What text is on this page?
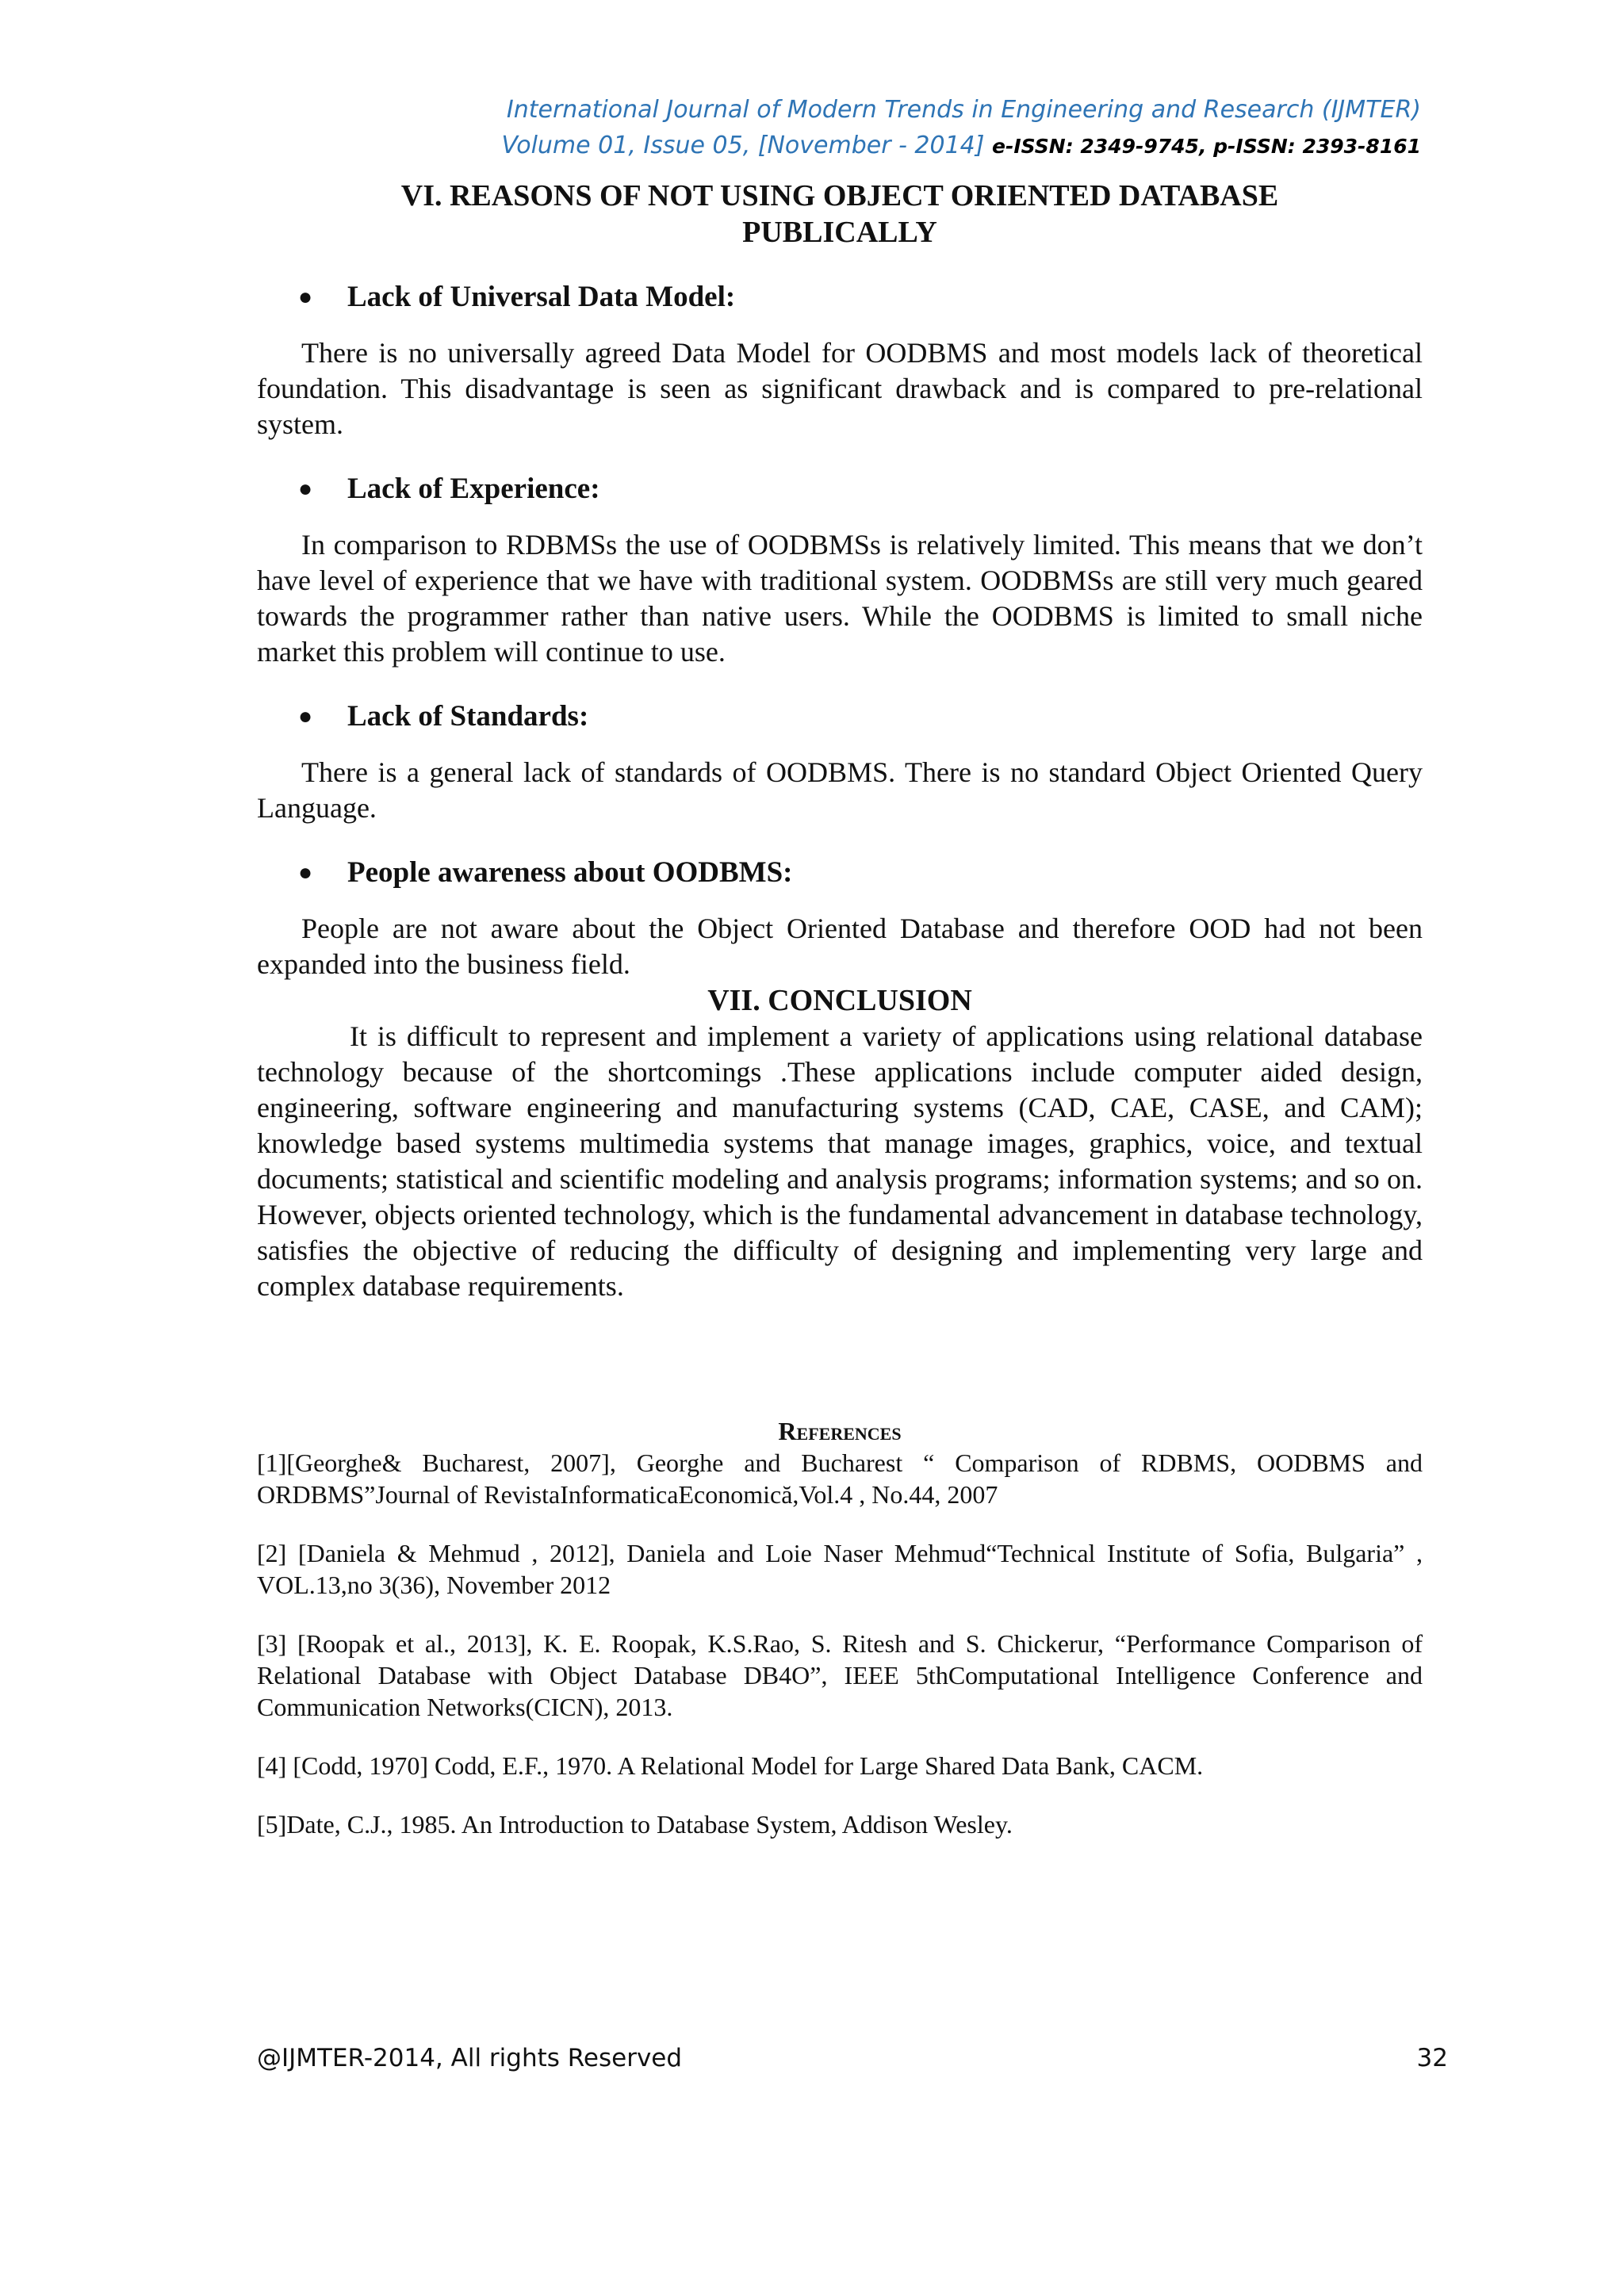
International Journal of Modern Trends in Engineering and Research (IJMTER)
Volume 01, Issue 05, [November - 2014] e-ISSN: 2349-9745, p-ISSN: 2393-8161
VI. REASONS OF NOT USING OBJECT ORIENTED DATABASE
PUBLICALLY
●	Lack of Universal Data Model:

There is no universally agreed Data Model for OODBMS and most models lack of theoretical foundation. This disadvantage is seen as significant drawback and is compared to pre-relational system.

●	Lack of Experience:

In comparison to RDBMSs the use of OODBMSs is relatively limited. This means that we don’t have level of experience that we have with traditional system. OODBMSs are still very much geared towards the programmer rather than native users. While the OODBMS is limited to small niche market this problem will continue to use.

●	Lack of Standards:

There is a general lack of standards of OODBMS. There is no standard Object Oriented Query Language.

●	People awareness about OODBMS:

People are not aware about the Object Oriented Database and therefore OOD had not been expanded into the business field.

VII. CONCLUSION

It is difficult to represent and implement a variety of applications using relational database technology because of the shortcomings .These applications include computer aided design, engineering, software engineering and manufacturing systems (CAD, CAE, CASE, and CAM); knowledge based systems multimedia systems that manage images, graphics, voice, and textual documents; statistical and scientific modeling and analysis programs; information systems; and so on. However, objects oriented technology, which is the fundamental advancement in database technology, satisfies the objective of reducing the difficulty of designing and implementing very large and complex database requirements.

References

[1][Georghe& Bucharest, 2007], Georghe and Bucharest “ Comparison of RDBMS, OODBMS and ORDBMS”Journal of RevistaInformaticaEconomică,Vol.4 , No.44, 2007

[2] [Daniela & Mehmud , 2012], Daniela and Loie Naser Mehmud“Technical Institute of Sofia, Bulgaria” , VOL.13,no 3(36), November 2012

[3] [Roopak et al., 2013], K. E. Roopak, K.S.Rao, S. Ritesh and S. Chickerur, “Performance Comparison of Relational Database with Object Database DB4O”, IEEE 5thComputational Intelligence Conference and Communication Networks(CICN), 2013.

[4] [Codd, 1970] Codd, E.F., 1970. A Relational Model for Large Shared Data Bank, CACM.

[5]Date, C.J., 1985. An Introduction to Database System, Addison Wesley.

@IJMTER-2014, All rights Reserved	32
